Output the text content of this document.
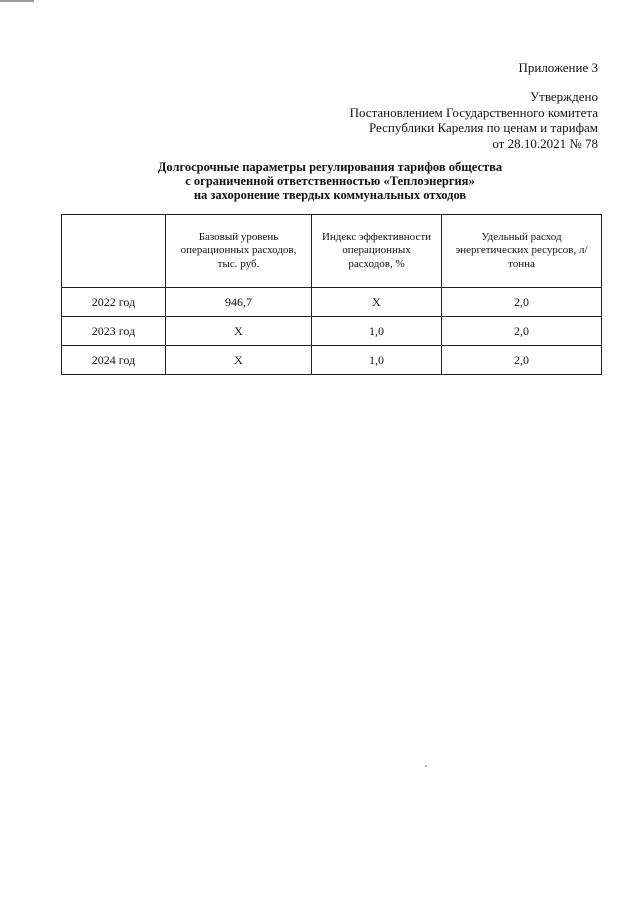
Приложение 3
Утверждено
Постановлением Государственного комитета
Республики Карелия по ценам и тарифам
от 28.10.2021 № 78
Долгосрочные параметры регулирования тарифов общества
с ограниченной ответственностью «Теплоэнергия»
на захоронение твердых коммунальных отходов
	Базовый уровень операционных расходов, тыс. руб.	Индекс эффективности операционных расходов, %	Удельный расход энергетических ресурсов, л/тонна
2022 год	946,7	Х	2,0
2023 год	Х	1,0	2,0
2024 год	Х	1,0	2,0
